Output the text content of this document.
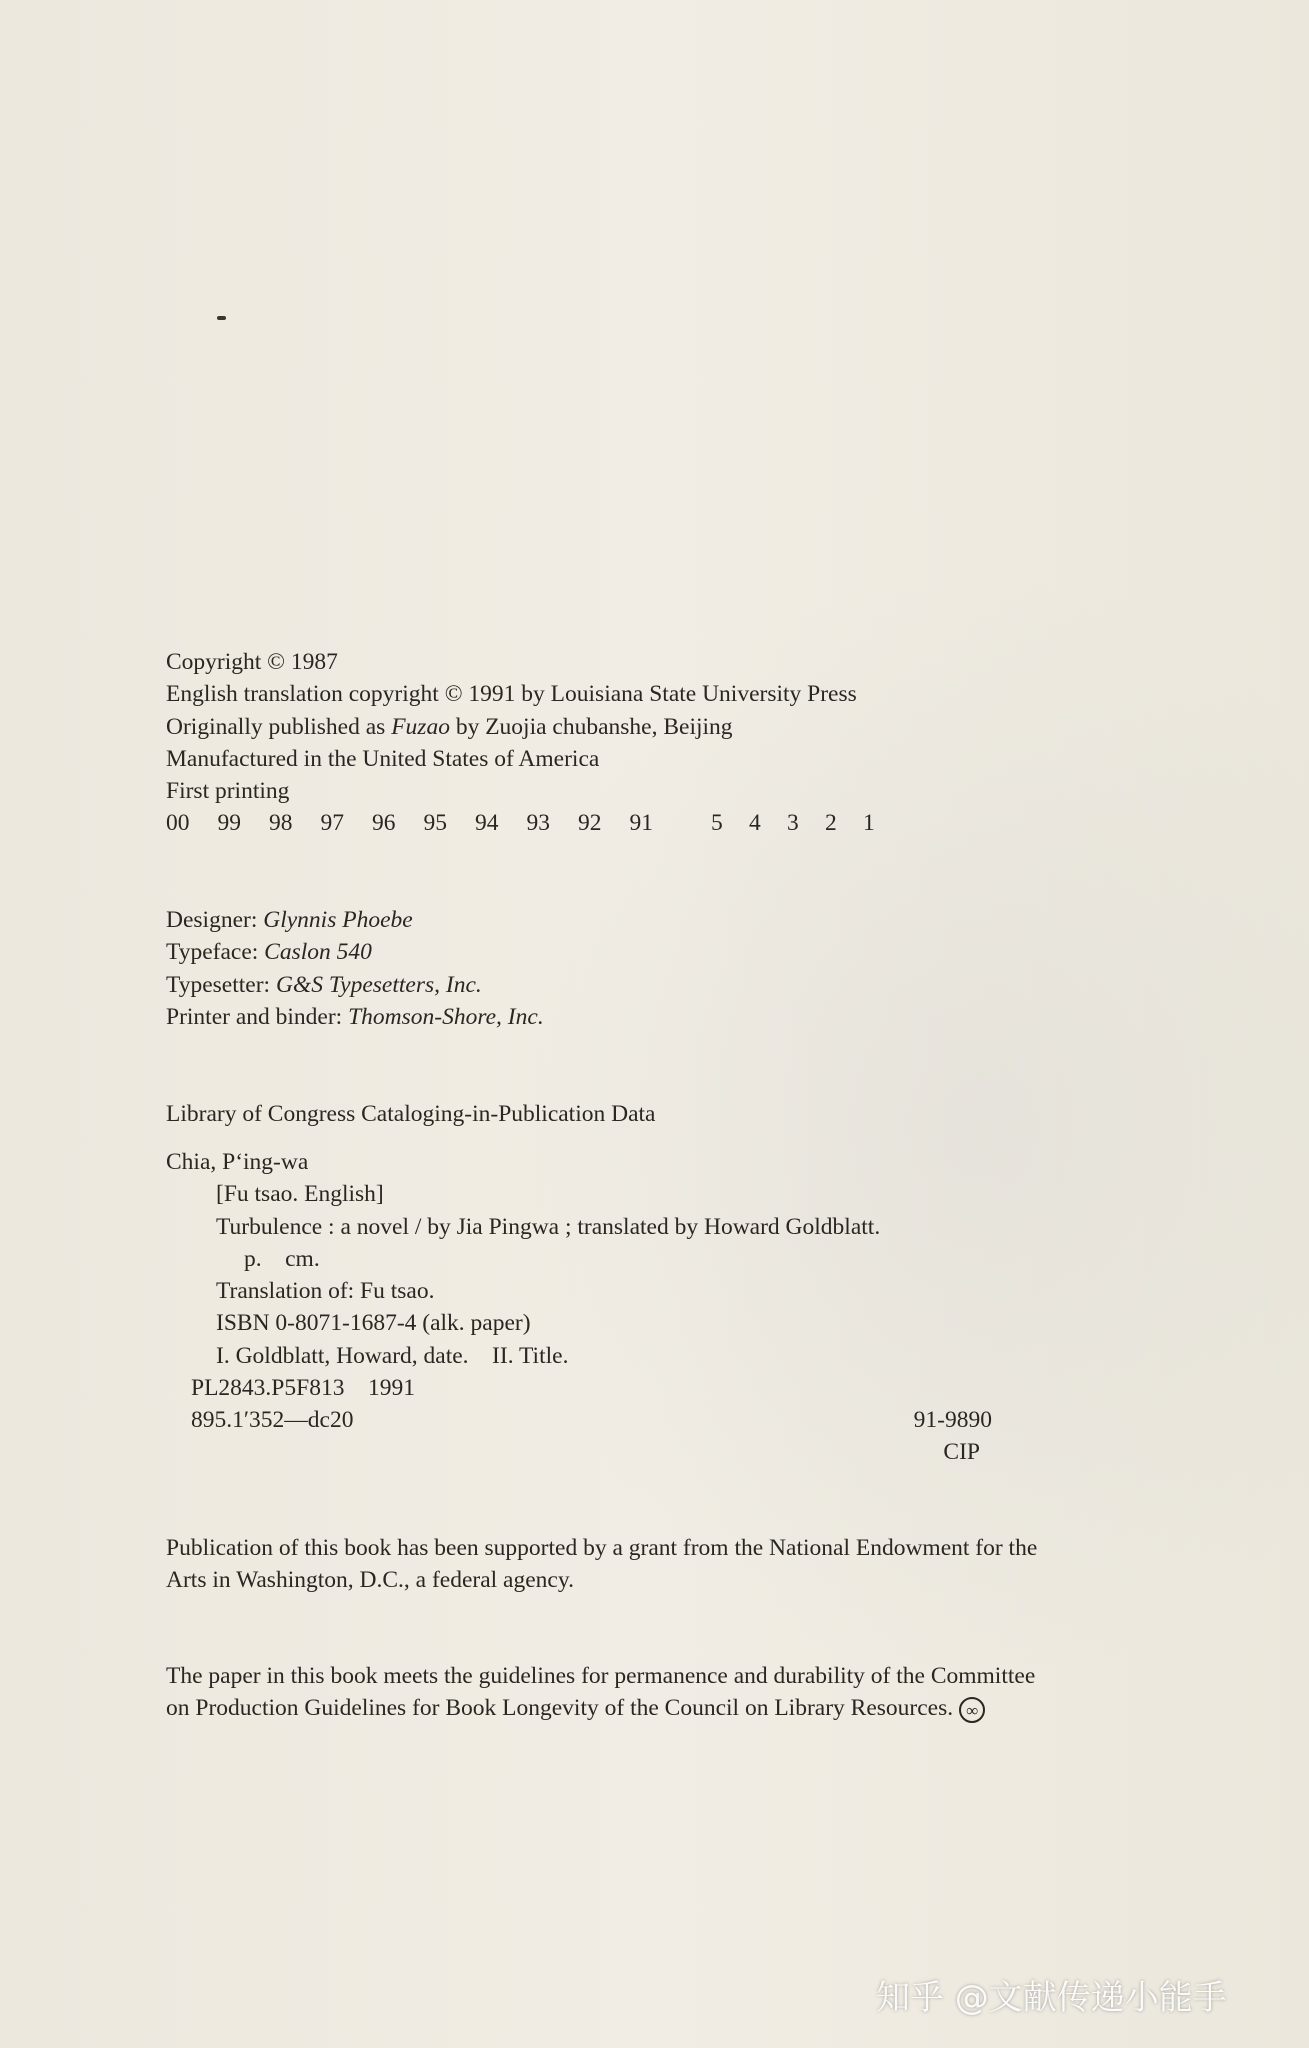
Copyright © 1987
English translation copyright © 1991 by Louisiana State University Press
Originally published as Fuzao by Zuojia chubanshe, Beijing
Manufactured in the United States of America
First printing
00 99 98 97 96 95 94 93 92 91	5 4 3 2 1
Designer: Glynnis Phoebe
Typeface: Caslon 540
Typesetter: G&S Typesetters, Inc.
Printer and binder: Thomson-Shore, Inc.
Library of Congress Cataloging-in-Publication Data
Chia, P‘ing-wa
[Fu tsao. English]
Turbulence : a novel / by Jia Pingwa ; translated by Howard Goldblatt.
p.    cm.
Translation of: Fu tsao.
ISBN 0-8071-1687-4 (alk. paper)
I. Goldblatt, Howard, date.    II. Title.
PL2843.P5F813    1991
895.1′352—dc20	91-9890
CIP
Publication of this book has been supported by a grant from the National Endowment for the
Arts in Washington, D.C., a federal agency.
The paper in this book meets the guidelines for permanence and durability of the Committee
on Production Guidelines for Book Longevity of the Council on Library Resources. ∞
知乎 @文献传递小能手
